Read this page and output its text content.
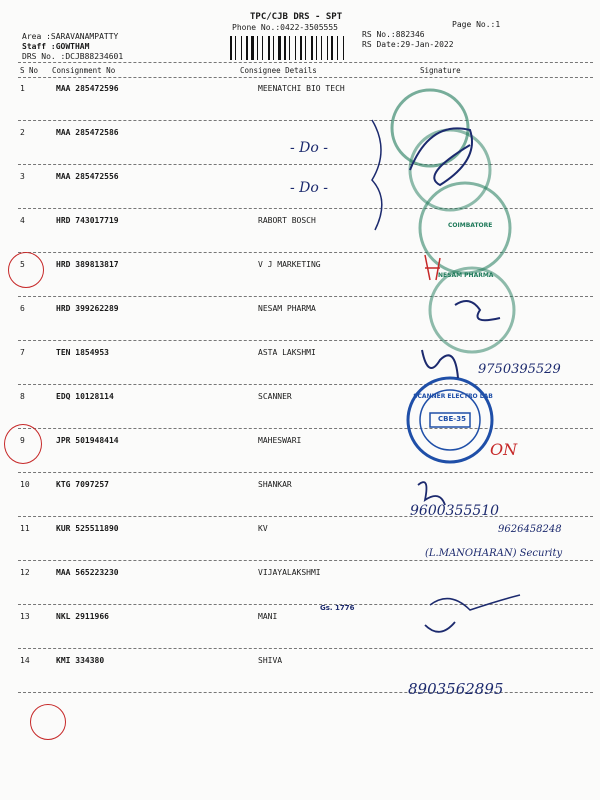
TPC/CJB DRS - SPT
Phone No.:0422-3505555	Page No.:1
Area :SARAVANAMPATTY
Staff :GOWTHAM
DRS No. :DCJB88234601
RS No.:882346
RS Date:29-Jan-2022
S No Consignment No	Consignee Details	Signature
1	MAA 285472596	MEENATCHI BIO TECH
2	MAA 285472586
3	MAA 285472556
4	HRD 743017719	RABORT BOSCH
5	HRD 389813817	V J MARKETING
6	HRD 399262289	NESAM PHARMA
7	TEN 1854953	ASTA LAKSHMI
8	EDQ 10128114	SCANNER
9	JPR 501948414	MAHESWARI
10	KTG 7097257	SHANKAR
11	KUR 525511890	KV
12	MAA 565223230	VIJAYALAKSHMI
13	NKL 2911966	MANI
14	KMI 334380	SHIVA
- Do -
- Do -
9750395529
9600355510
9626458248
(L.MANOHARAN) Security
8903562895
ON
SCANNER ELECTRO LAB
CBE-35
NESAM PHARMA
COIMBATORE
Gs. 1776
